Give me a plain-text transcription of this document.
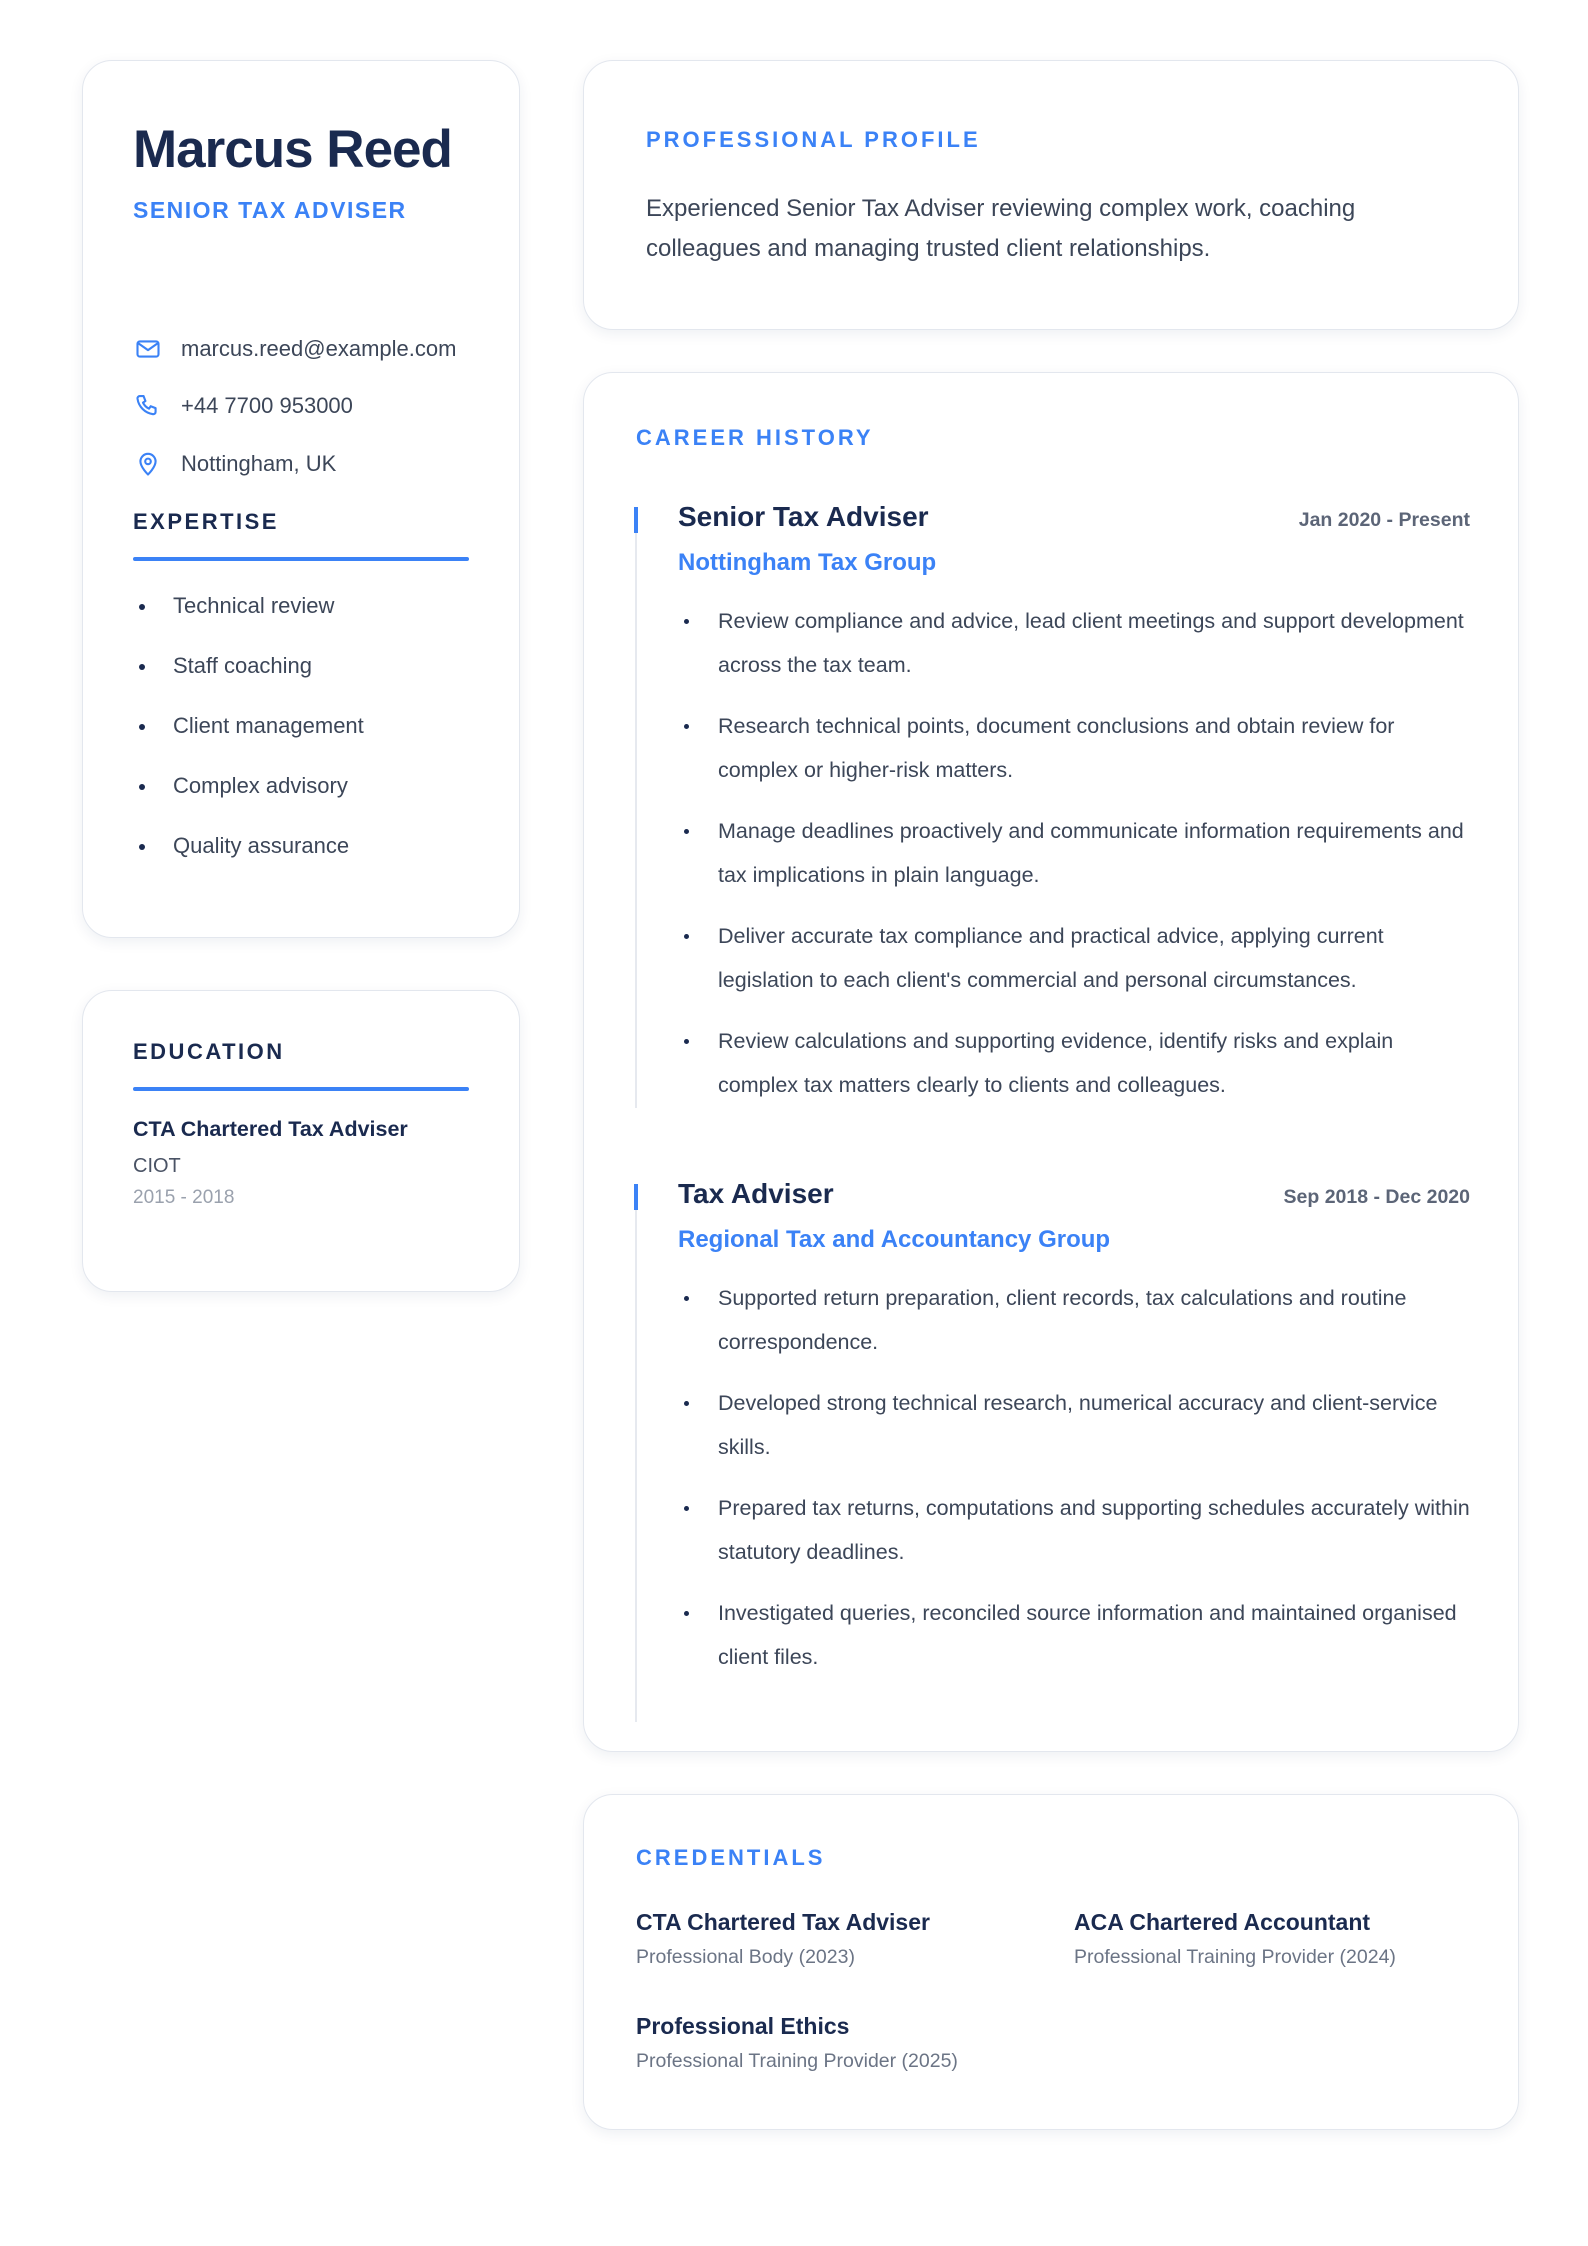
Marcus Reed
SENIOR TAX ADVISER
marcus.reed@example.com
+44 7700 953000
Nottingham, UK
EXPERTISE
Technical review
Staff coaching
Client management
Complex advisory
Quality assurance
EDUCATION
CTA Chartered Tax Adviser
CIOT
2015 - 2018
PROFESSIONAL PROFILE
Experienced Senior Tax Adviser reviewing complex work, coaching colleagues and managing trusted client relationships.
CAREER HISTORY
Senior Tax Adviser	Jan 2020 - Present
Nottingham Tax Group
Review compliance and advice, lead client meetings and support development across the tax team.
Research technical points, document conclusions and obtain review for complex or higher-risk matters.
Manage deadlines proactively and communicate information requirements and tax implications in plain language.
Deliver accurate tax compliance and practical advice, applying current legislation to each client's commercial and personal circumstances.
Review calculations and supporting evidence, identify risks and explain complex tax matters clearly to clients and colleagues.
Tax Adviser	Sep 2018 - Dec 2020
Regional Tax and Accountancy Group
Supported return preparation, client records, tax calculations and routine correspondence.
Developed strong technical research, numerical accuracy and client-service skills.
Prepared tax returns, computations and supporting schedules accurately within statutory deadlines.
Investigated queries, reconciled source information and maintained organised client files.
CREDENTIALS
CTA Chartered Tax Adviser
Professional Body (2023)
ACA Chartered Accountant
Professional Training Provider (2024)
Professional Ethics
Professional Training Provider (2025)
